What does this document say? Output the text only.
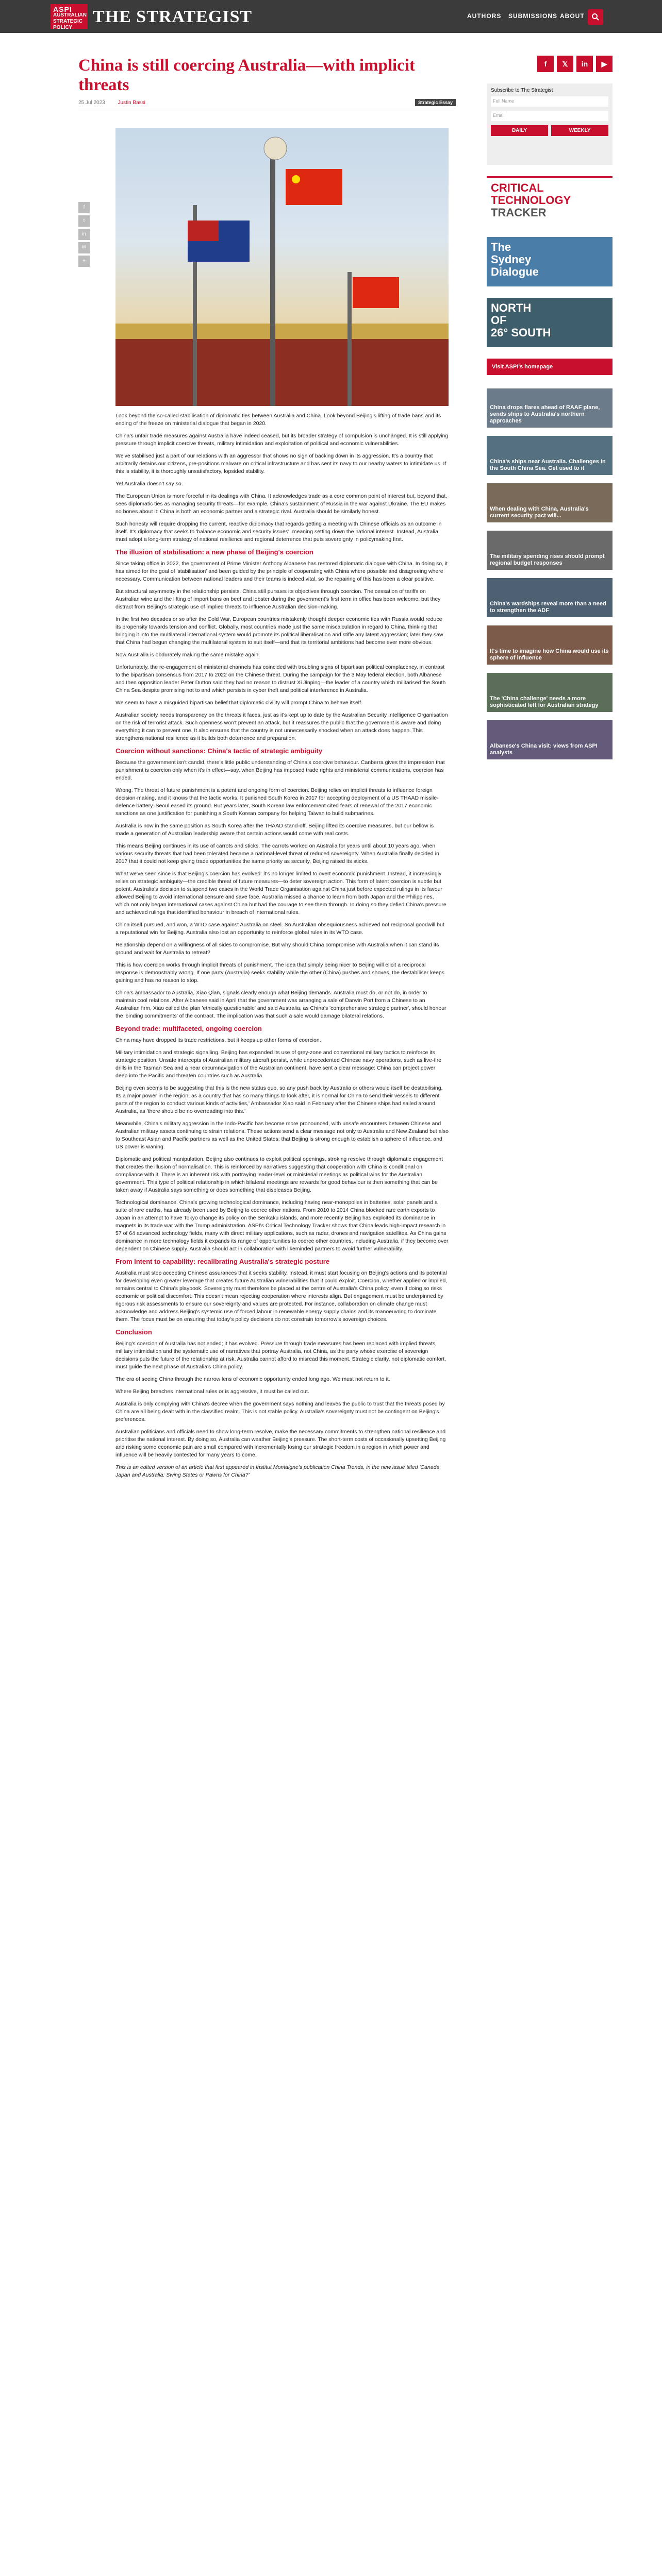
ASPI
AUSTRALIAN
STRATEGIC
POLICY
THE STRATEGIST	AUTHORS SUBMISSIONS ABOUT
China is still coercing Australia—with implicit threats
25 Jul 2023 Justin Bassi	Strategic Essay
f
t
in
✉
+

Look beyond the so-called stabilisation of diplomatic ties between Australia and China. Look beyond Beijing's lifting of trade bans and its ending of the freeze on ministerial dialogue that began in 2020.

China's unfair trade measures against Australia have indeed ceased, but its broader strategy of compulsion is unchanged. It is still applying pressure through implicit coercive threats, military intimidation and exploitation of political and economic vulnerabilities.

We've stabilised just a part of our relations with an aggressor that shows no sign of backing down in its aggression. It's a country that arbitrarily detains our citizens, pre-positions malware on critical infrastructure and has sent its navy to our nearby waters to intimidate us. If this is stability, it is thoroughly unsatisfactory, lopsided stability.

Yet Australia doesn't say so.

The European Union is more forceful in its dealings with China. It acknowledges trade as a core common point of interest but, beyond that, sees diplomatic ties as managing security threats—for example, China's sustainment of Russia in the war against Ukraine. The EU makes no bones about it: China is both an economic partner and a strategic rival. Australia should be similarly honest.

Such honesty will require dropping the current, reactive diplomacy that regards getting a meeting with Chinese officials as an outcome in itself. It's diplomacy that seeks to 'balance economic and security issues', meaning setting down the national interest. Instead, Australia must adopt a long-term strategy of national resilience and regional deterrence that puts sovereignty in policymaking first.

The illusion of stabilisation: a new phase of Beijing's coercion

Since taking office in 2022, the government of Prime Minister Anthony Albanese has restored diplomatic dialogue with China. In doing so, it has aimed for the goal of 'stabilisation' and been guided by the principle of cooperating with China where possible and disagreeing where necessary. Communication between national leaders and their teams is indeed vital, so the repairing of this has been a clear positive.

But structural asymmetry in the relationship persists. China still pursues its objectives through coercion. The cessation of tariffs on Australian wine and the lifting of import bans on beef and lobster during the government's first term in office has been welcome; but they distract from Beijing's strategic use of implied threats to influence Australian decision-making.

In the first two decades or so after the Cold War, European countries mistakenly thought deeper economic ties with Russia would reduce its propensity towards tension and conflict. Globally, most countries made just the same miscalculation in regard to China, thinking that bringing it into the multilateral international system would promote its political liberalisation and stifle any latent aggression; later they saw that China had begun changing the multilateral system to suit itself—and that its territorial ambitions had become ever more obvious.

Now Australia is obdurately making the same mistake again.

Unfortunately, the re-engagement of ministerial channels has coincided with troubling signs of bipartisan political complacency, in contrast to the bipartisan consensus from 2017 to 2022 on the Chinese threat. During the campaign for the 3 May federal election, both Albanese and then opposition leader Peter Dutton said they had no reason to distrust Xi Jinping—the leader of a country which militarised the South China Sea despite promising not to and which persists in cyber theft and political interference in Australia.

We seem to have a misguided bipartisan belief that diplomatic civility will prompt China to behave itself.

Australian society needs transparency on the threats it faces, just as it's kept up to date by the Australian Security Intelligence Organisation on the risk of terrorist attack. Such openness won't prevent an attack, but it reassures the public that the government is aware and doing everything it can to prevent one. It also ensures that the country is not unnecessarily shocked when an attack does happen. This strengthens national resilience as it builds both deterrence and preparation.

Coercion without sanctions: China's tactic of strategic ambiguity

Because the government isn't candid, there's little public understanding of China's coercive behaviour. Canberra gives the impression that punishment is coercion only when it's in effect—say, when Beijing has imposed trade rights and ministerial communications, coercion has ended.

Wrong. The threat of future punishment is a potent and ongoing form of coercion. Beijing relies on implicit threats to influence foreign decision-making, and it knows that the tactic works. It punished South Korea in 2017 for accepting deployment of a US THAAD missile-defence battery. Seoul eased its ground. But years later, South Korean law enforcement cited fears of renewal of the 2017 economic sanctions as one justification for punishing a South Korean company for helping Taiwan to build submarines.

Australia is now in the same position as South Korea after the THAAD stand-off. Beijing lifted its coercive measures, but our bellow is made a generation of Australian leadership aware that certain actions would come with real costs.

This means Beijing continues in its use of carrots and sticks. The carrots worked on Australia for years until about 10 years ago, when various security threats that had been tolerated became a national-level threat of reduced sovereignty. When Australia finally decided in 2017 that it could not keep giving trade opportunities the same priority as security, Beijing raised its sticks.

What we've seen since is that Beijing's coercion has evolved: it's no longer limited to overt economic punishment. Instead, it increasingly relies on strategic ambiguity—the credible threat of future measures—to deter sovereign action. This form of latent coercion is subtle but potent. Australia's decision to suspend two cases in the World Trade Organisation against China just before expected rulings in its favour allowed Beijing to avoid international censure and save face. Australia missed a chance to learn from both Japan and the Philippines, which not only began international cases against China but had the courage to see them through. In doing so they defied China's pressure and achieved rulings that identified behaviour in breach of international rules.

China itself pursued, and won, a WTO case against Australia on steel. So Australian obsequiousness achieved not reciprocal goodwill but a reputational win for Beijing. Australia also lost an opportunity to reinforce global rules in its WTO case.

Relationship depend on a willingness of all sides to compromise. But why should China compromise with Australia when it can stand its ground and wait for Australia to retreat?

This is how coercion works through implicit threats of punishment. The idea that simply being nicer to Beijing will elicit a reciprocal response is demonstrably wrong. If one party (Australia) seeks stability while the other (China) pushes and shoves, the destabiliser keeps gaining and has no reason to stop.

China's ambassador to Australia, Xiao Qian, signals clearly enough what Beijing demands. Australia must do, or not do, in order to maintain cool relations. After Albanese said in April that the government was arranging a sale of Darwin Port from a Chinese to an Australian firm, Xiao called the plan 'ethically questionable' and said Australia, as China's 'comprehensive strategic partner', should honour the 'binding commitments' of the contract. The implication was that such a sale would damage bilateral relations.

Beyond trade: multifaceted, ongoing coercion

China may have dropped its trade restrictions, but it keeps up other forms of coercion.

Military intimidation and strategic signalling. Beijing has expanded its use of grey-zone and conventional military tactics to reinforce its strategic position. Unsafe intercepts of Australian military aircraft persist, while unprecedented Chinese navy operations, such as live-fire drills in the Tasman Sea and a near circumnavigation of the Australian continent, have sent a clear message: China can project power deep into the Pacific and threaten countries such as Australia.

Beijing even seems to be suggesting that this is the new status quo, so any push back by Australia or others would itself be destabilising. Its a major power in the region, as a country that has so many things to look after, it is normal for China to send their vessels to different parts of the region to conduct various kinds of activities,' Ambassador Xiao said in February after the Chinese ships had sailed around Australia, as 'there should be no overreading into this.'

Meanwhile, China's military aggression in the Indo-Pacific has become more pronounced, with unsafe encounters between Chinese and Australian military assets continuing to strain relations. These actions send a clear message not only to Australia and New Zealand but also to Southeast Asian and Pacific partners as well as the United States: that Beijing is strong enough to establish a sphere of influence, and US power is waning.

Diplomatic and political manipulation. Beijing also continues to exploit political openings, stroking resolve through diplomatic engagement that creates the illusion of normalisation. This is reinforced by narratives suggesting that cooperation with China is conditional on compliance with it. There is an inherent risk with portraying leader-level or ministerial meetings as political wins for the Australian government. This type of political relationship in which bilateral meetings are rewards for good behaviour is then something that can be taken away if Australia says something or does something that displeases Beijing.

Technological dominance. China's growing technological dominance, including having near-monopolies in batteries, solar panels and a suite of rare earths, has already been used by Beijing to coerce other nations. From 2010 to 2014 China blocked rare earth exports to Japan in an attempt to have Tokyo change its policy on the Senkaku islands, and more recently Beijing has exploited its dominance in magnets in its trade war with the Trump administration. ASPI's Critical Technology Tracker shows that China leads high-impact research in 57 of 64 advanced technology fields, many with direct military applications, such as radar, drones and navigation satellites. As China gains dominance in more technology fields it expands its range of opportunities to coerce other countries, including Australia, if they become over dependent on Chinese supply. Australia should act in collaboration with likeminded partners to avoid further vulnerability.

From intent to capability: recalibrating Australia's strategic posture

Australia must stop accepting Chinese assurances that it seeks stability. Instead, it must start focusing on Beijing's actions and its potential for developing even greater leverage that creates future Australian vulnerabilities that it could exploit. Coercion, whether applied or implied, remains central to China's playbook. Sovereignty must therefore be placed at the centre of Australia's China policy, even if doing so risks economic or political discomfort. This doesn't mean rejecting cooperation where interests align. But engagement must be underpinned by rigorous risk assessments to ensure our sovereignty and values are protected. For instance, collaboration on climate change must acknowledge and address Beijing's systemic use of forced labour in renewable energy supply chains and its manoeuvring to dominate them. The focus must be on ensuring that today's policy decisions do not constrain tomorrow's sovereign choices.

Conclusion

Beijing's coercion of Australia has not ended; it has evolved. Pressure through trade measures has been replaced with implied threats, military intimidation and the systematic use of narratives that portray Australia, not China, as the party whose exercise of sovereign decisions puts the future of the relationship at risk. Australia cannot afford to misread this moment. Strategic clarity, not diplomatic comfort, must guide the next phase of Australia's China policy.

The era of seeing China through the narrow lens of economic opportunity ended long ago. We must not return to it.

Where Beijing breaches international rules or is aggressive, it must be called out.

Australia is only complying with China's decree when the government says nothing and leaves the public to trust that the threats posed by China are all being dealt with in the classified realm. This is not stable policy. Australia's sovereignty must not be contingent on Beijing's preferences.

Australian politicians and officials need to show long-term resolve, make the necessary commitments to strengthen national resilience and prioritise the national interest. By doing so, Australia can weather Beijing's pressure. The short-term costs of occasionally upsetting Beijing and risking some economic pain are small compared with incrementally losing our strategic freedom in a region in which power and influence will be heavily contested for many years to come.

This is an edited version of an article that first appeared in Institut Montaigne's publication China Trends, in the new issue titled 'Canada, Japan and Australia: Swing States or Pawns for China?'

f	𝕏	in	▶
Subscribe to The Strategist
Full Name
Email
DAILY	WEEKLY
CRITICAL
TECHNOLOGY
TRACKER
The
Sydney
Dialogue
NORTH
OF
26° SOUTH
Visit ASPI's homepage
China drops flares ahead of RAAF plane, sends ships to Australia's northern approaches
China's ships near Australia. Challenges in the South China Sea. Get used to it
When dealing with China, Australia's current security pact will...
The military spending rises should prompt regional budget responses
China's wardships reveal more than a need to strengthen the ADF
It's time to imagine how China would use its sphere of influence
The 'China challenge' needs a more sophisticated left for Australian strategy
Albanese's China visit: views from ASPI analysts
